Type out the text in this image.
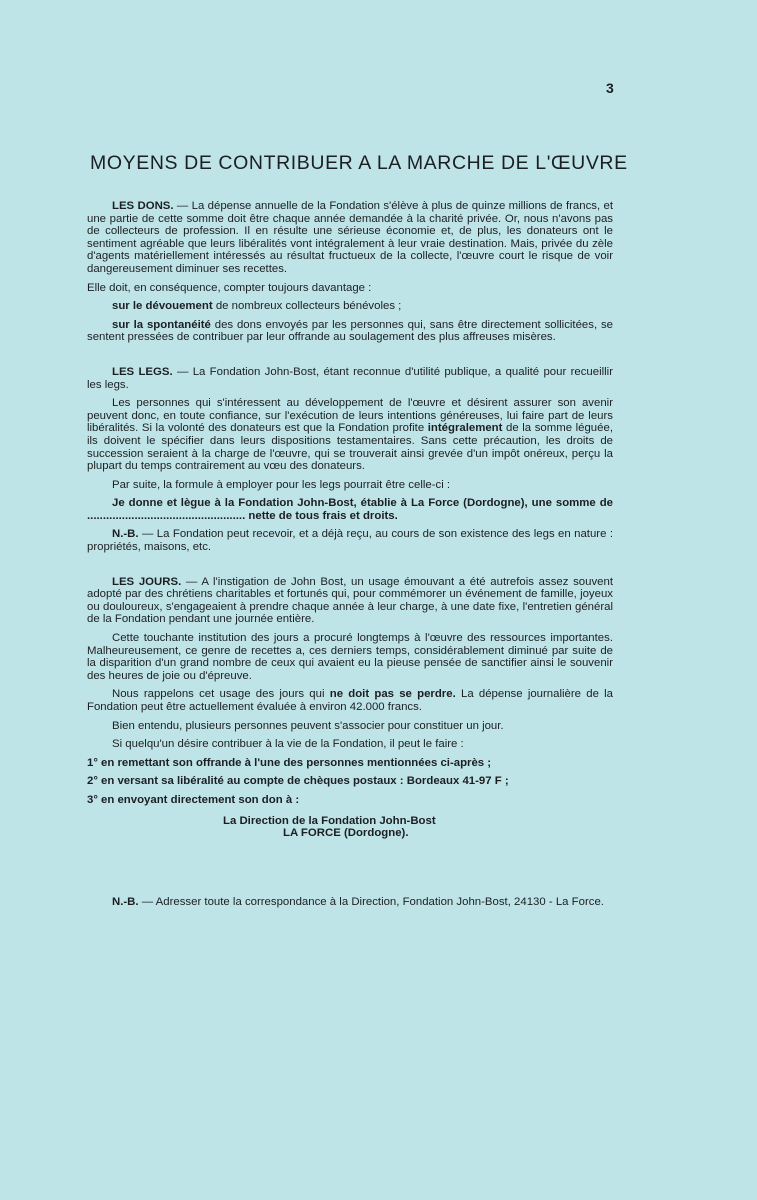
3
MOYENS DE CONTRIBUER A LA MARCHE DE L'ŒUVRE

LES DONS. — La dépense annuelle de la Fondation s'élève à plus de quinze millions de francs, et une partie de cette somme doit être chaque année demandée à la charité privée. Or, nous n'avons pas de collecteurs de profession. Il en résulte une sérieuse économie et, de plus, les donateurs ont le sentiment agréable que leurs libéralités vont intégralement à leur vraie destination. Mais, privée du zèle d'agents matériellement intéressés au résultat fructueux de la collecte, l'œuvre court le risque de voir dangereusement diminuer ses recettes.

Elle doit, en conséquence, compter toujours davantage :

sur le dévouement de nombreux collecteurs bénévoles ;

sur la spontanéité des dons envoyés par les personnes qui, sans être directement sollicitées, se sentent pressées de contribuer par leur offrande au soulagement des plus affreuses misères.

LES LEGS. — La Fondation John-Bost, étant reconnue d'utilité publique, a qualité pour recueillir les legs.

Les personnes qui s'intéressent au développement de l'œuvre et désirent assurer son avenir peuvent donc, en toute confiance, sur l'exécution de leurs intentions généreuses, lui faire part de leurs libéralités. Si la volonté des donateurs est que la Fondation profite intégralement de la somme léguée, ils doivent le spécifier dans leurs dispositions testamentaires. Sans cette précaution, les droits de succession seraient à la charge de l'œuvre, qui se trouverait ainsi grevée d'un impôt onéreux, perçu la plupart du temps contrairement au vœu des donateurs.

Par suite, la formule à employer pour les legs pourrait être celle-ci :

Je donne et lègue à la Fondation John-Bost, établie à La Force (Dordogne), une somme de .................................................. nette de tous frais et droits.

N.-B. — La Fondation peut recevoir, et a déjà reçu, au cours de son existence des legs en nature : propriétés, maisons, etc.

LES JOURS. — A l'instigation de John Bost, un usage émouvant a été autrefois assez souvent adopté par des chrétiens charitables et fortunés qui, pour commémorer un événement de famille, joyeux ou douloureux, s'engageaient à prendre chaque année à leur charge, à une date fixe, l'entretien général de la Fondation pendant une journée entière.

Cette touchante institution des jours a procuré longtemps à l'œuvre des ressources importantes. Malheureusement, ce genre de recettes a, ces derniers temps, considérablement diminué par suite de la disparition d'un grand nombre de ceux qui avaient eu la pieuse pensée de sanctifier ainsi le souvenir des heures de joie ou d'épreuve.

Nous rappelons cet usage des jours qui ne doit pas se perdre. La dépense journalière de la Fondation peut être actuellement évaluée à environ 42.000 francs.

Bien entendu, plusieurs personnes peuvent s'associer pour constituer un jour.

Si quelqu'un désire contribuer à la vie de la Fondation, il peut le faire :

1° en remettant son offrande à l'une des personnes mentionnées ci-après ;

2° en versant sa libéralité au compte de chèques postaux : Bordeaux 41-97 F ;

3° en envoyant directement son don à :

La Direction de la Fondation John-Bost

LA FORCE (Dordogne).

N.-B. — Adresser toute la correspondance à la Direction, Fondation John-Bost, 24130 - La Force.
